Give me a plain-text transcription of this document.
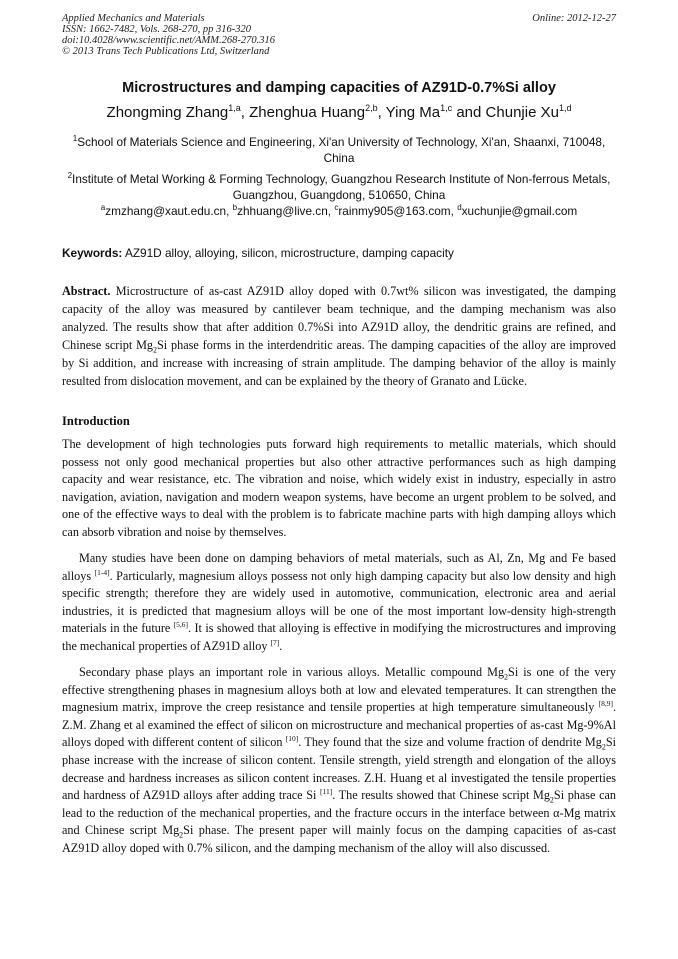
Applied Mechanics and Materials
ISSN: 1662-7482, Vols. 268-270, pp 316-320
doi:10.4028/www.scientific.net/AMM.268-270.316
© 2013 Trans Tech Publications Ltd, Switzerland
Online: 2012-12-27
Microstructures and damping capacities of AZ91D-0.7%Si alloy
Zhongming Zhang$^{1,a}$, Zhenghua Huang$^{2,b}$, Ying Ma$^{1,c}$ and Chunjie Xu$^{1,d}$
$^1$School of Materials Science and Engineering, Xi'an University of Technology, Xi'an, Shaanxi, 710048, China
$^2$Institute of Metal Working & Forming Technology, Guangzhou Research Institute of Non-ferrous Metals, Guangzhou, Guangdong, 510650, China
$^a$zmzhang@xaut.edu.cn, $^b$zhhuang@live.cn, $^c$rainmy905@163.com, $^d$xuchunjie@gmail.com
Keywords: AZ91D alloy, alloying, silicon, microstructure, damping capacity
Abstract. Microstructure of as-cast AZ91D alloy doped with 0.7wt% silicon was investigated, the damping capacity of the alloy was measured by cantilever beam technique, and the damping mechanism was also analyzed. The results show that after addition 0.7%Si into AZ91D alloy, the dendritic grains are refined, and Chinese script $Mg_2Si$ phase forms in the interdendritic areas. The damping capacities of the alloy are improved by Si addition, and increase with increasing of strain amplitude. The damping behavior of the alloy is mainly resulted from dislocation movement, and can be explained by the theory of Granato and Lücke.
Introduction
The development of high technologies puts forward high requirements to metallic materials, which should possess not only good mechanical properties but also other attractive performances such as high damping capacity and wear resistance, etc. The vibration and noise, which widely exist in industry, especially in astro navigation, aviation, navigation and modern weapon systems, have become an urgent problem to be solved, and one of the effective ways to deal with the problem is to fabricate machine parts with high damping alloys which can absorb vibration and noise by themselves.
Many studies have been done on damping behaviors of metal materials, such as Al, Zn, Mg and Fe based alloys [1-4]. Particularly, magnesium alloys possess not only high damping capacity but also low density and high specific strength; therefore they are widely used in automotive, communication, electronic area and aerial industries, it is predicted that magnesium alloys will be one of the most important low-density high-strength materials in the future [5,6]. It is showed that alloying is effective in modifying the microstructures and improving the mechanical properties of AZ91D alloy [7].
Secondary phase plays an important role in various alloys. Metallic compound $Mg_2Si$ is one of the very effective strengthening phases in magnesium alloys both at low and elevated temperatures. It can strengthen the magnesium matrix, improve the creep resistance and tensile properties at high temperature simultaneously [8,9]. Z.M. Zhang et al examined the effect of silicon on microstructure and mechanical properties of as-cast Mg-9%Al alloys doped with different content of silicon [10]. They found that the size and volume fraction of dendrite $Mg_2Si$ phase increase with the increase of silicon content. Tensile strength, yield strength and elongation of the alloys decrease and hardness increases as silicon content increases. Z.H. Huang et al investigated the tensile properties and hardness of AZ91D alloys after adding trace Si [11]. The results showed that Chinese script $Mg_2Si$ phase can lead to the reduction of the mechanical properties, and the fracture occurs in the interface between α-Mg matrix and Chinese script $Mg_2Si$ phase. The present paper will mainly focus on the damping capacities of as-cast AZ91D alloy doped with 0.7% silicon, and the damping mechanism of the alloy will also discussed.
